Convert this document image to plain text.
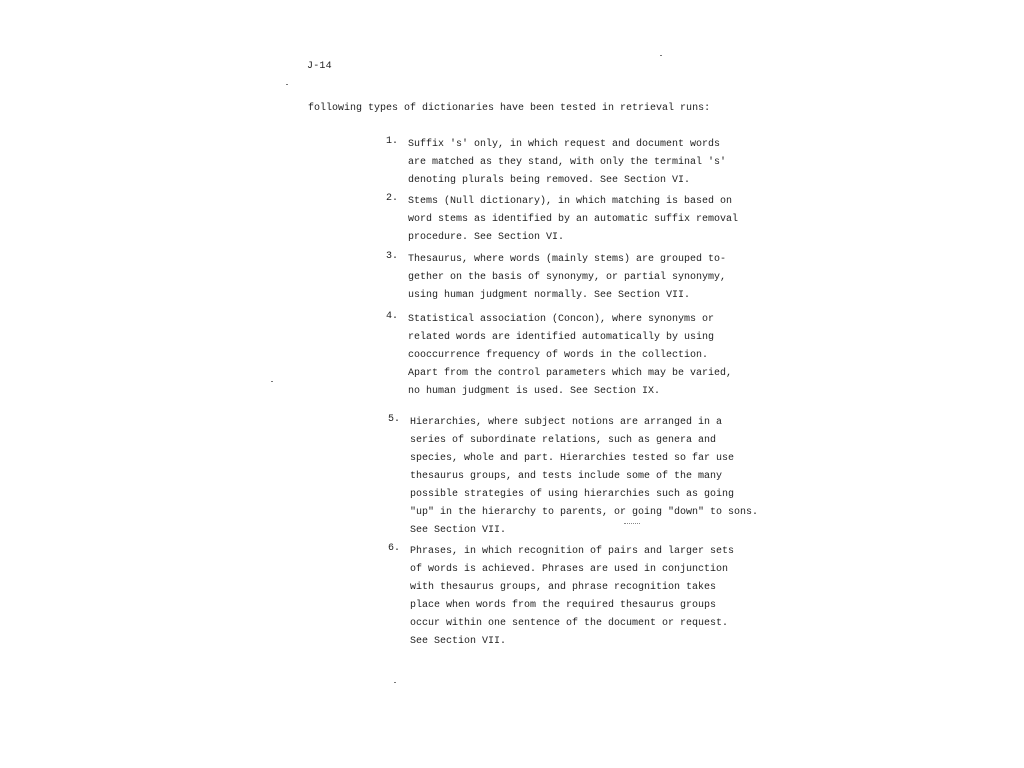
J-14
following types of dictionaries have been tested in retrieval runs:
1. Suffix 's' only, in which request and document words
are matched as they stand, with only the terminal 's'
denoting plurals being removed. See Section VI.
2. Stems (Null dictionary), in which matching is based on
word stems as identified by an automatic suffix removal
procedure. See Section VI.
3. Thesaurus, where words (mainly stems) are grouped to-
gether on the basis of synonymy, or partial synonymy,
using human judgment normally. See Section VII.
4. Statistical association (Concon), where synonyms or
related words are identified automatically by using
cooccurrence frequency of words in the collection.
Apart from the control parameters which may be varied,
no human judgment is used. See Section IX.
5. Hierarchies, where subject notions are arranged in a
series of subordinate relations, such as genera and
species, whole and part. Hierarchies tested so far use
thesaurus groups, and tests include some of the many
possible strategies of using hierarchies such as going
"up" in the hierarchy to parents, or going "down" to sons.
See Section VII.
6. Phrases, in which recognition of pairs and larger sets
of words is achieved. Phrases are used in conjunction
with thesaurus groups, and phrase recognition takes
place when words from the required thesaurus groups
occur within one sentence of the document or request.
See Section VII.
